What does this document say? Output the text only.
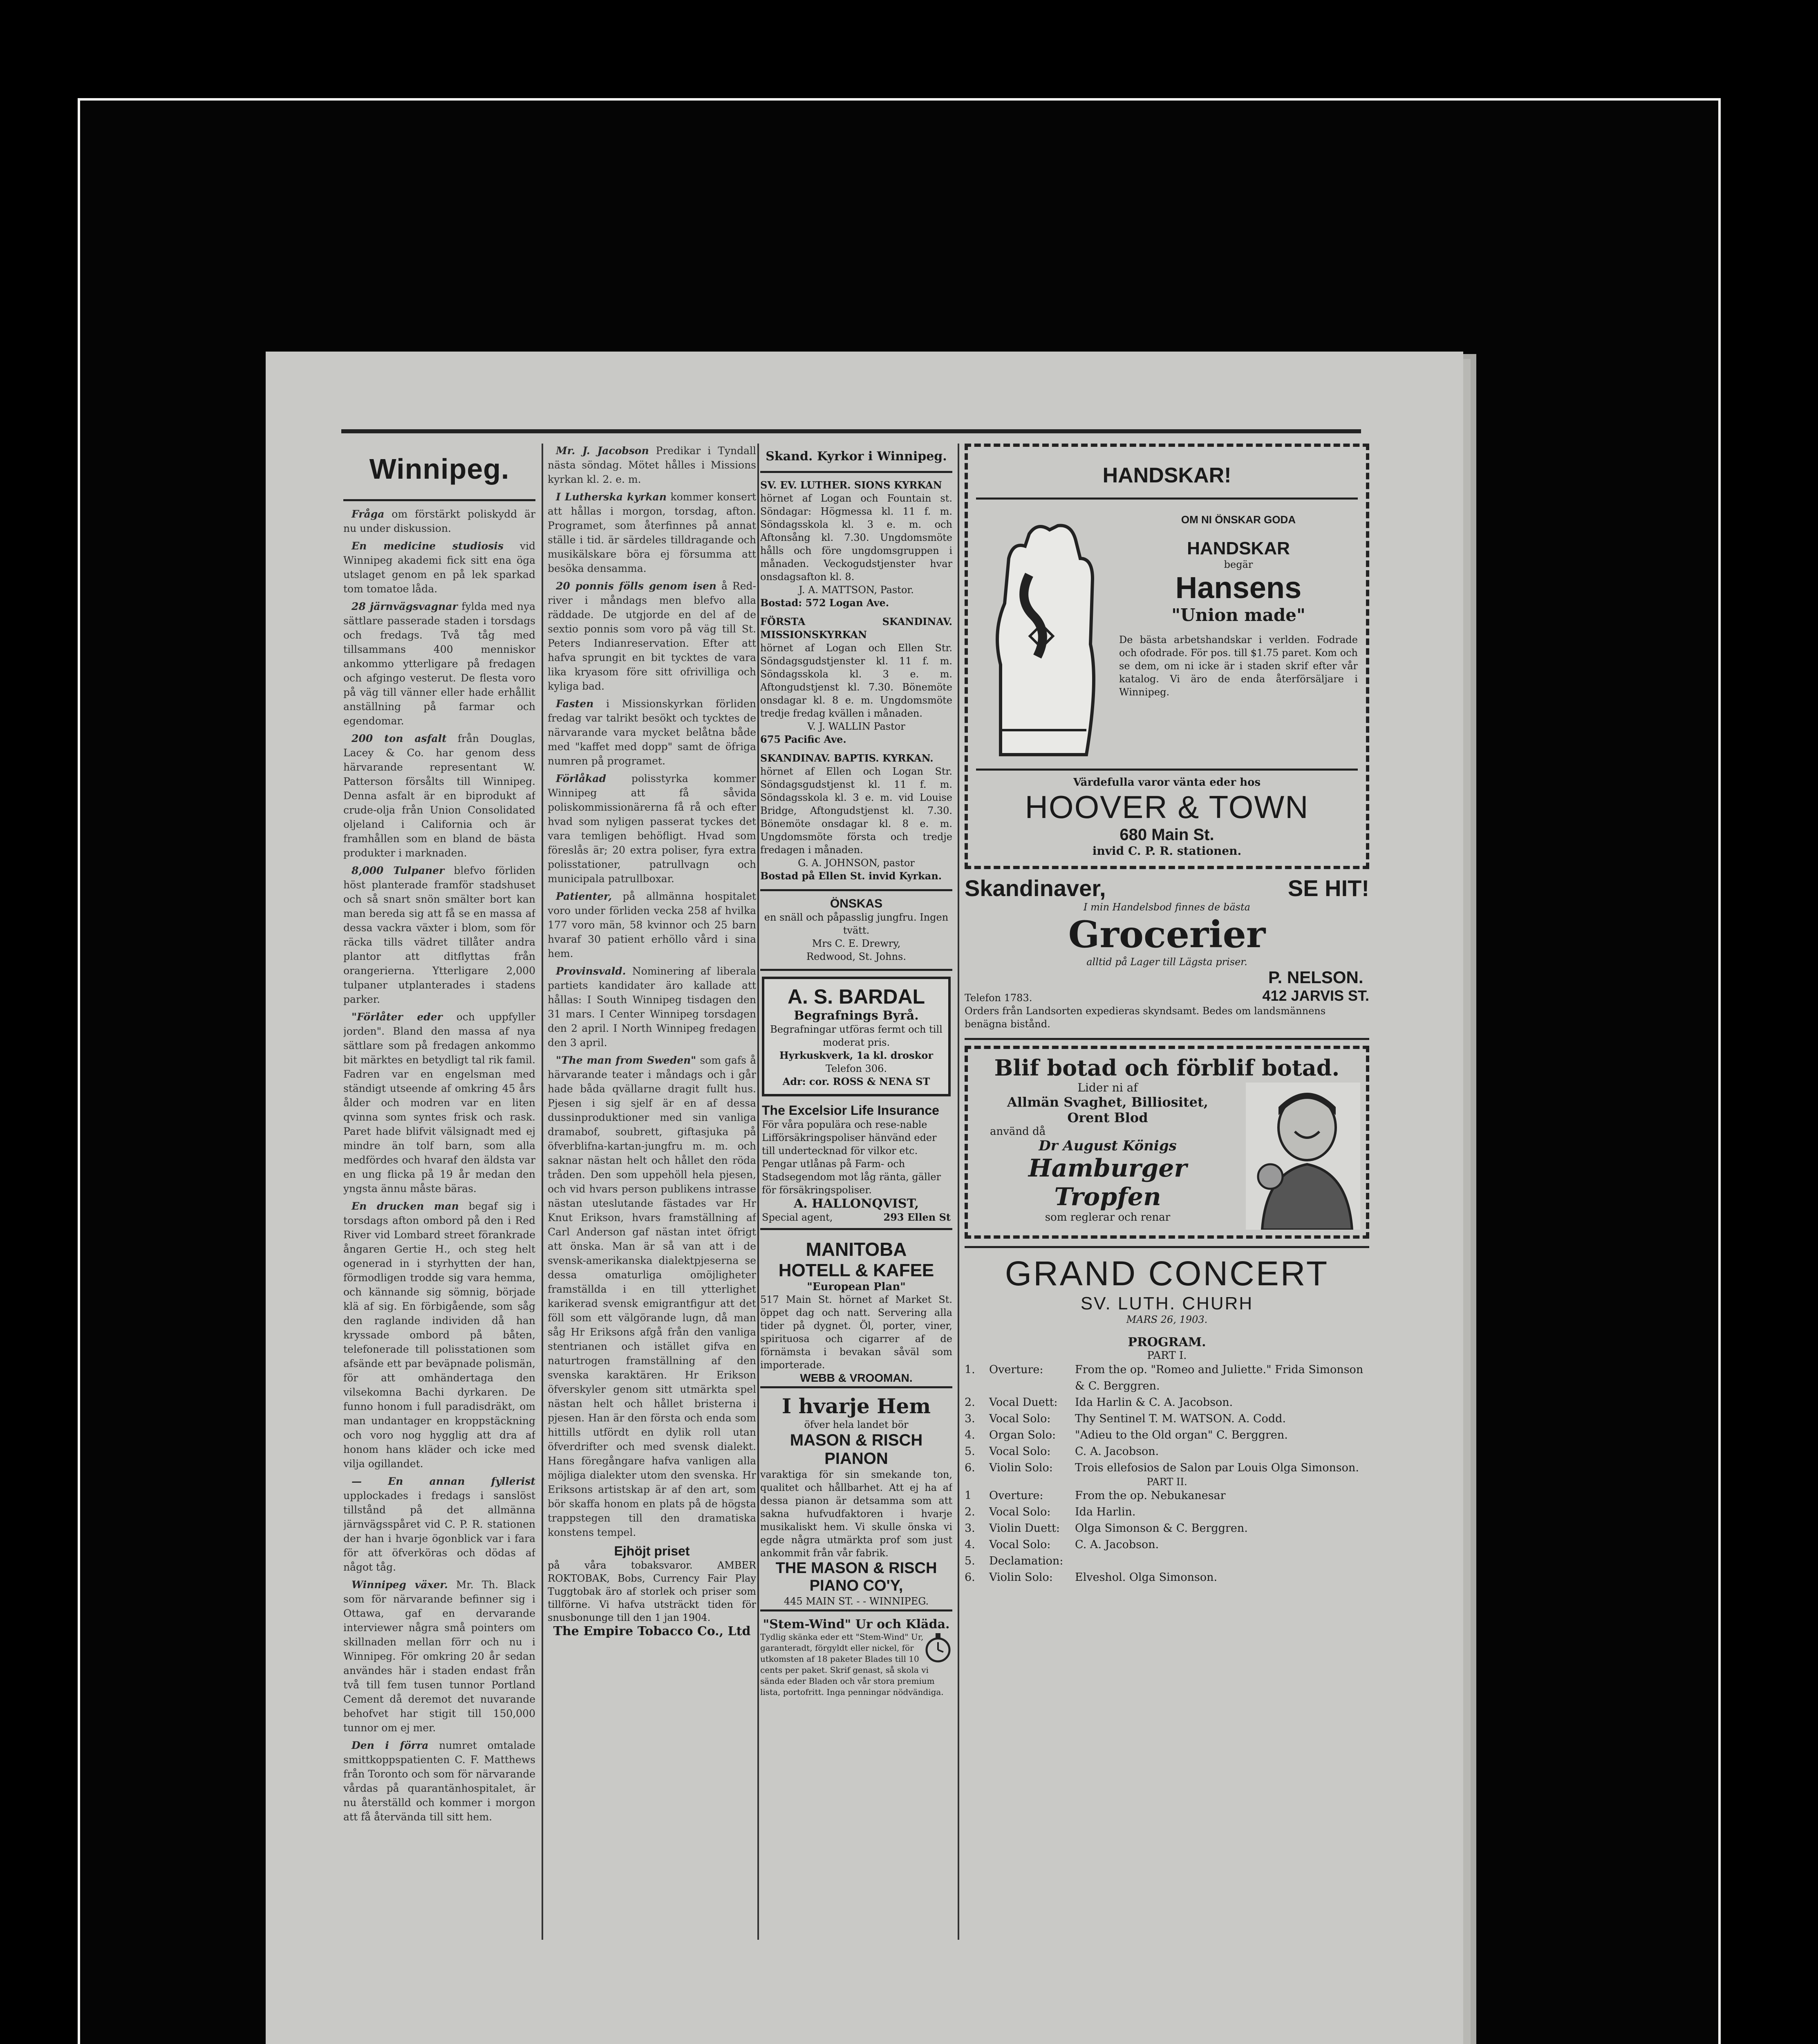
Winnipeg.

Fråga om förstärkt poliskydd är nu under diskussion.

En medicine studiosis vid Winnipeg akademi fick sitt ena öga utslaget genom en på lek sparkad tom tomatoe låda.

28 järnvägsvagnar fylda med nya sättlare passerade staden i torsdags och fredags. Två tåg med tillsammans 400 menniskor ankommo ytterligare på fredagen och afgingo vesterut. De flesta voro på väg till vänner eller hade erhållit anställning på farmar och egendomar.

200 ton asfalt från Douglas, Lacey & Co. har genom dess härvarande representant W. Patterson försålts till Winnipeg. Denna asfalt är en biprodukt af crude-olja från Union Consolidated oljeland i California och är framhållen som en bland de bästa produkter i marknaden.

8,000 Tulpaner blefvo förliden höst planterade framför stadshuset och så snart snön smälter bort kan man bereda sig att få se en massa af dessa vackra växter i blom, som för räcka tills vädret tillåter andra plantor att ditflyttas från orangerierna. Ytterligare 2,000 tulpaner utplanterades i stadens parker.

"Förlåter eder och uppfyller jorden". Bland den massa af nya sättlare som på fredagen ankommo bit märktes en betydligt tal rik famil. Fadren var en engelsman med ständigt utseende af omkring 45 års ålder och modren var en liten qvinna som syntes frisk och rask. Paret hade blifvit välsignadt med ej mindre än tolf barn, som alla medfördes och hvaraf den äldsta var en ung flicka på 19 år medan den yngsta ännu måste bäras.

En drucken man begaf sig i torsdags afton ombord på den i Red River vid Lombard street förankrade ångaren Gertie H., och steg helt ogenerad in i styrhytten der han, förmodligen trodde sig vara hemma, och kännande sig sömnig, började klä af sig. En förbigående, som såg den raglande individen då han kryssade ombord på båten, telefonerade till polisstationen som afsände ett par beväpnade polismän, för att omhändertaga den vilsekomna Bachi dyrkaren. De funno honom i full paradisdräkt, om man undantager en kroppstäckning och voro nog hygglig att dra af honom hans kläder och icke med vilja ogillandet.

— En annan fyllerist upplockades i fredags i sanslöst tillstånd på det allmänna järnvägsspåret vid C. P. R. stationen der han i hvarje ögonblick var i fara för att öfverköras och dödas af något tåg.

Winnipeg växer. Mr. Th. Black som för närvarande befinner sig i Ottawa, gaf en dervarande interviewer några små pointers om skillnaden mellan förr och nu i Winnipeg. För omkring 20 år sedan användes här i staden endast från två till fem tusen tunnor Portland Cement då deremot det nuvarande behofvet har stigit till 150,000 tunnor om ej mer.

Den i förra numret omtalade smittkoppspatienten C. F. Matthews från Toronto och som för närvarande vårdas på quarantänhospitalet, är nu återställd och kommer i morgon att få återvända till sitt hem.

Mr. J. Jacobson Predikar i Tyndall nästa söndag. Mötet hålles i Missions kyrkan kl. 2. e. m.

I Lutherska kyrkan kommer konsert att hållas i morgon, torsdag, afton. Programet, som återfinnes på annat ställe i tid. är särdeles tilldragande och musikälskare böra ej försumma att besöka densamma.

20 ponnis fölls genom isen å Red-river i måndags men blefvo alla räddade. De utgjorde en del af de sextio ponnis som voro på väg till St. Peters Indianreservation. Efter att hafva sprungit en bit tycktes de vara lika kryasom före sitt ofrivilliga och kyliga bad.

Fasten i Missionskyrkan förliden fredag var talrikt besökt och tycktes de närvarande vara mycket belåtna både med "kaffet med dopp" samt de öfriga numren på programet.

Förlåkad polisstyrka kommer Winnipeg att få såvida poliskommissionärerna få rå och efter hvad som nyligen passerat tyckes det vara temligen behöfligt. Hvad som föreslås är; 20 extra poliser, fyra extra polisstationer, patrullvagn och municipala patrullboxar.

Patienter, på allmänna hospitalet voro under förliden vecka 258 af hvilka 177 voro män, 58 kvinnor och 25 barn hvaraf 30 patient erhöllo vård i sina hem.

Provinsvald. Nominering af liberala partiets kandidater äro kallade att hållas: I South Winnipeg tisdagen den 31 mars. I Center Winnipeg torsdagen den 2 april. I North Winnipeg fredagen den 3 april.

"The man from Sweden" som gafs å härvarande teater i måndags och i går hade båda qvällarne dragit fullt hus. Pjesen i sig sjelf är en af dessa dussinproduktioner med sin vanliga dramabof, soubrett, giftasjuka på öfverblifna-kartan-jungfru m. m. och saknar nästan helt och hållet den röda tråden. Den som uppehöll hela pjesen, och vid hvars person publikens intrasse nästan uteslutande fästades var Hr Knut Erikson, hvars framställning af Carl Anderson gaf nästan intet öfrigt att önska. Man är så van att i de svensk-amerikanska dialektpjeserna se dessa omaturliga omöjligheter framställda i en till ytterlighet karikerad svensk emigrantfigur att det föll som ett välgörande lugn, då man såg Hr Eriksons afgå från den vanliga stentrianen och istället gifva en naturtrogen framställning af den svenska karaktären. Hr Erikson öfverskyler genom sitt utmärkta spel nästan helt och hållet bristerna i pjesen. Han är den första och enda som hittills utfördt en dylik roll utan öfverdrifter och med svensk dialekt. Hans föregångare hafva vanligen alla möjliga dialekter utom den svenska. Hr Eriksons artistskap är af den art, som bör skaffa honom en plats på de högsta trappstegen till den dramatiska konstens tempel.

Ejhöjt priset
på våra tobaksvaror. AMBER ROKTOBAK, Bobs, Currency Fair Play Tuggtobak äro af storlek och priser som tillförne. Vi hafva utsträckt tiden för snusbonunge till den 1 jan 1904.
The Empire Tobacco Co., Ltd
Skand. Kyrkor i Winnipeg.
SV. EV. LUTHER. SIONS KYRKAN
hörnet af Logan och Fountain st. Söndagar: Högmessa kl. 11 f. m. Söndagsskola kl. 3 e. m. och Aftonsång kl. 7.30. Ungdomsmöte hålls och före ungdomsgruppen i månaden. Veckogudstjenster hvar onsdagsafton kl. 8.
J. A. MATTSON, Pastor.
Bostad: 572 Logan Ave.
FÖRSTA SKANDINAV. MISSIONSKYRKAN
hörnet af Logan och Ellen Str. Söndagsgudstjenster kl. 11 f. m. Söndagsskola kl. 3 e. m. Aftongudstjenst kl. 7.30. Bönemöte onsdagar kl. 8 e. m. Ungdomsmöte tredje fredag kvällen i månaden.
V. J. WALLIN Pastor
675 Pacific Ave.
SKANDINAV. BAPTIS. KYRKAN.
hörnet af Ellen och Logan Str. Söndagsgudstjenst kl. 11 f. m. Söndagsskola kl. 3 e. m. vid Louise Bridge, Aftongudstjenst kl. 7.30. Bönemöte onsdagar kl. 8 e. m. Ungdomsmöte första och tredje fredagen i månaden.
G. A. JOHNSON, pastor
Bostad på Ellen St. invid Kyrkan.
ÖNSKAS
en snäll och påpasslig jungfru. Ingen tvätt.
Mrs C. E. Drewry,
Redwood, St. Johns.
A. S. BARDAL
Begrafnings Byrå.
Begrafningar utföras fermt och till moderat pris.
Hyrkuskverk, 1a kl. droskor
Telefon 306.
Adr: cor. ROSS & NENA ST
The Excelsior Life Insurance
För våra populära och rese-nable Lifförsäkringspoliser hänvänd eder till undertecknad för vilkor etc.
Pengar utlånas på Farm- och Stadsegendom mot låg ränta, gäller för försäkringspoliser.
A. HALLONQVIST,
Special agent,	293 Ellen St
MANITOBA
HOTELL & KAFEE
"European Plan"
517 Main St. hörnet af Market St. öppet dag och natt. Servering alla tider på dygnet. Öl, porter, viner, spirituosa och cigarrer af de förnämsta i bevakan såväl som importerade.
WEBB & VROOMAN.
I hvarje Hem
öfver hela landet bör
MASON & RISCH
PIANON
varaktiga för sin smekande ton, qualitet och hållbarhet. Att ej ha af dessa pianon är detsamma som att sakna hufvudfaktoren i hvarje musikaliskt hem. Vi skulle önska vi egde några utmärkta prof som just ankommit från vår fabrik.
THE MASON & RISCH
PIANO CO'Y,
445 MAIN ST. - - WINNIPEG.
"Stem-Wind" Ur och Kläda.
Tydlig skänka eder ett "Stem-Wind" Ur, garanteradt, förgyldt eller nickel, för utkomsten af 18 paketer Blades till 10 cents per paket. Skrif genast, så skola vi sända eder Bladen och vår stora premium lista, portofritt. Inga penningar nödvändiga.
HANDSKAR!
OM NI ÖNSKAR GODA
HANDSKAR
begär
Hansens
"Union made"
De bästa arbetshandskar i verlden. Fodrade och ofodrade. För pos. till $1.75 paret. Kom och se dem, om ni icke är i staden skrif efter vår katalog. Vi äro de enda återförsäljare i Winnipeg.
Värdefulla varor vänta eder hos
HOOVER & TOWN
680 Main St.
invid C. P. R. stationen.
Skandinaver,	SE HIT!
I min Handelsbod finnes de bästa
Grocerier
alltid på Lager till Lägsta priser.
Telefon 1783.
P. NELSON.
412 JARVIS ST.
Orders från Landsorten expedieras skyndsamt. Bedes om landsmännens benägna bistånd.
Blif botad och förblif botad.
Lider ni af
Allmän Svaghet, Billiositet,
Orent Blod
använd då
Dr August Königs
Hamburger
Tropfen
som reglerar och renar
GRAND CONCERT
SV. LUTH. CHURH
MARS 26, 1903.
PROGRAM.
PART I.
1.	Overture:	From the op. "Romeo and Juliette." Frida Simonson & C. Berggren.
2.	Vocal Duett:	Ida Harlin & C. A. Jacobson.
3.	Vocal Solo:	Thy Sentinel T. M. WATSON. A. Codd.
4.	Organ Solo:	"Adieu to the Old organ" C. Berggren.
5.	Vocal Solo:	C. A. Jacobson.
6.	Violin Solo:	Trois ellefosios de Salon par Louis Olga Simonson.
PART II.
1	Overture:	From the op. Nebukanesar
2.	Vocal Solo:	Ida Harlin.
3.	Violin Duett:	Olga Simonson & C. Berggren.
4.	Vocal Solo:	C. A. Jacobson.
5.	Declamation:
6.	Violin Solo:	Elveshol. Olga Simonson.
